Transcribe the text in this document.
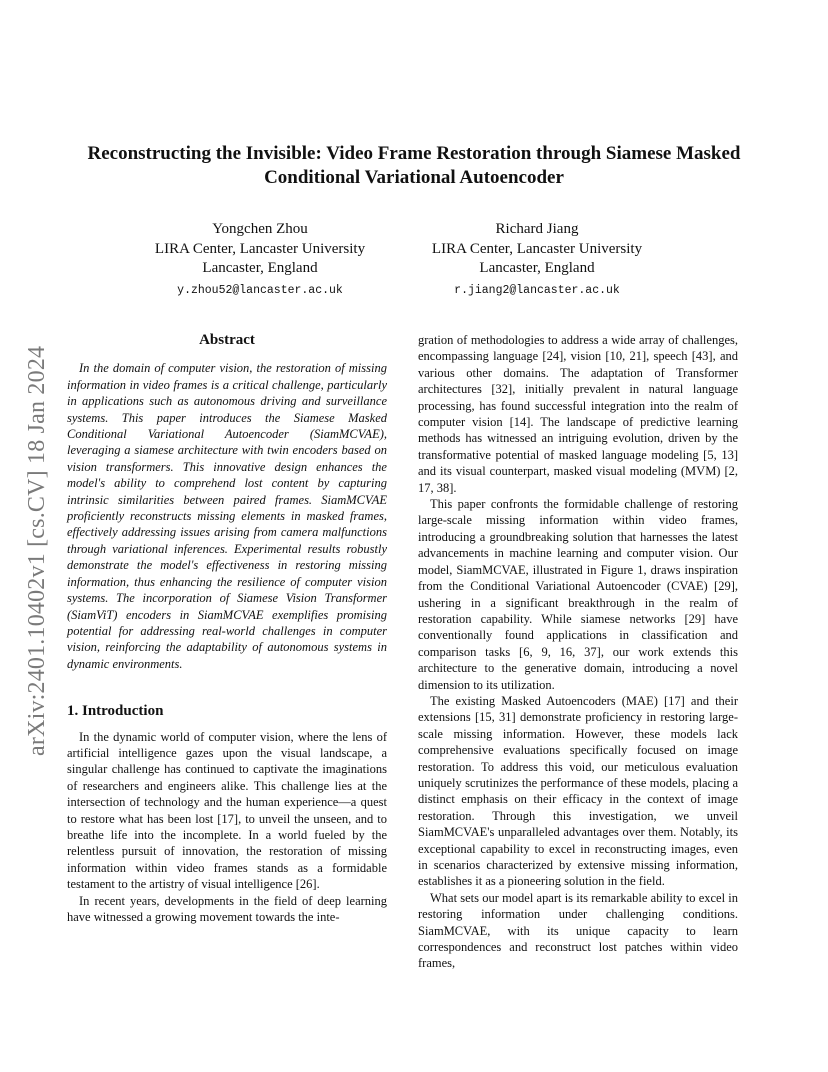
arXiv:2401.10402v1 [cs.CV] 18 Jan 2024
Reconstructing the Invisible: Video Frame Restoration through Siamese Masked Conditional Variational Autoencoder
Yongchen Zhou
LIRA Center, Lancaster University
Lancaster, England
y.zhou52@lancaster.ac.uk
Richard Jiang
LIRA Center, Lancaster University
Lancaster, England
r.jiang2@lancaster.ac.uk
Abstract

In the domain of computer vision, the restoration of missing information in video frames is a critical challenge, particularly in applications such as autonomous driving and surveillance systems. This paper introduces the Siamese Masked Conditional Variational Autoencoder (SiamMCVAE), leveraging a siamese architecture with twin encoders based on vision transformers. This innovative design enhances the model's ability to comprehend lost content by capturing intrinsic similarities between paired frames. SiamMCVAE proficiently reconstructs missing elements in masked frames, effectively addressing issues arising from camera malfunctions through variational inferences. Experimental results robustly demonstrate the model's effectiveness in restoring missing information, thus enhancing the resilience of computer vision systems. The incorporation of Siamese Vision Transformer (SiamViT) encoders in SiamMCVAE exemplifies promising potential for addressing real-world challenges in computer vision, reinforcing the adaptability of autonomous systems in dynamic environments.

1. Introduction

In the dynamic world of computer vision, where the lens of artificial intelligence gazes upon the visual landscape, a singular challenge has continued to captivate the imaginations of researchers and engineers alike. This challenge lies at the intersection of technology and the human experience—a quest to restore what has been lost [17], to unveil the unseen, and to breathe life into the incomplete. In a world fueled by the relentless pursuit of innovation, the restoration of missing information within video frames stands as a formidable testament to the artistry of visual intelligence [26].

In recent years, developments in the field of deep learning have witnessed a growing movement towards the inte-

gration of methodologies to address a wide array of challenges, encompassing language [24], vision [10, 21], speech [43], and various other domains. The adaptation of Transformer architectures [32], initially prevalent in natural language processing, has found successful integration into the realm of computer vision [14]. The landscape of predictive learning methods has witnessed an intriguing evolution, driven by the transformative potential of masked language modeling [5, 13] and its visual counterpart, masked visual modeling (MVM) [2, 17, 38].

This paper confronts the formidable challenge of restoring large-scale missing information within video frames, introducing a groundbreaking solution that harnesses the latest advancements in machine learning and computer vision. Our model, SiamMCVAE, illustrated in Figure 1, draws inspiration from the Conditional Variational Autoencoder (CVAE) [29], ushering in a significant breakthrough in the realm of restoration capability. While siamese networks [29] have conventionally found applications in classification and comparison tasks [6, 9, 16, 37], our work extends this architecture to the generative domain, introducing a novel dimension to its utilization.

The existing Masked Autoencoders (MAE) [17] and their extensions [15, 31] demonstrate proficiency in restoring large-scale missing information. However, these models lack comprehensive evaluations specifically focused on image restoration. To address this void, our meticulous evaluation uniquely scrutinizes the performance of these models, placing a distinct emphasis on their efficacy in the context of image restoration. Through this investigation, we unveil SiamMCVAE's unparalleled advantages over them. Notably, its exceptional capability to excel in reconstructing images, even in scenarios characterized by extensive missing information, establishes it as a pioneering solution in the field.

What sets our model apart is its remarkable ability to excel in restoring information under challenging conditions. SiamMCVAE, with its unique capacity to learn correspondences and reconstruct lost patches within video frames,
